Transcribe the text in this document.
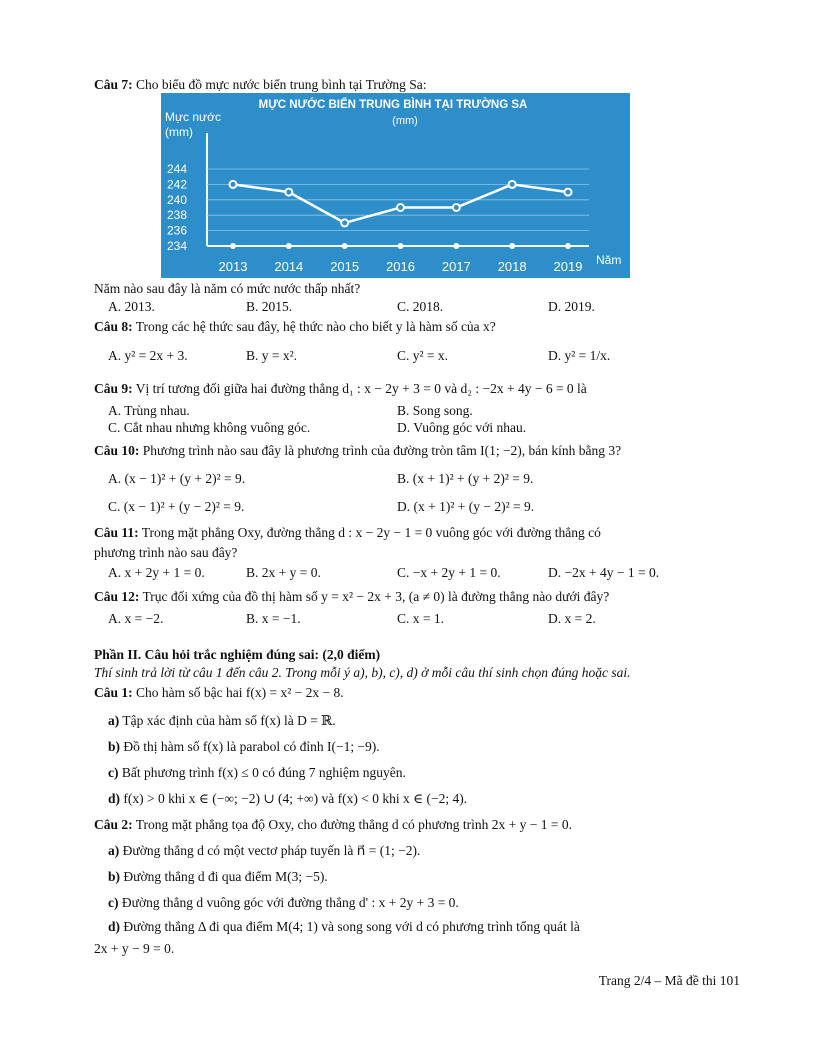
Câu 7: Cho biểu đồ mực nước biển trung bình tại Trường Sa:
MỰC NƯỚC BIỂN TRUNG BÌNH TẠI TRƯỜNG SA
(mm)
Mực nước (mm)
234
236
238
240
242
244
2013 2014 2015 2016 2017 2018 2019 Năm
Năm nào sau đây là năm có mức nước thấp nhất?
A. 2013.	B. 2015.	C. 2018.	D. 2019.
Câu 8: Trong các hệ thức sau đây, hệ thức nào cho biết y là hàm số của x?
A. y² = 2x + 3.	B. y = x².	C. y² = x.	D. y² = 1/x.
Câu 9: Vị trí tương đối giữa hai đường thẳng d₁ : x − 2y + 3 = 0 và d₂ : −2x + 4y − 6 = 0 là
A. Trùng nhau.	B. Song song.
C. Cắt nhau nhưng không vuông góc.	D. Vuông góc với nhau.
Câu 10: Phương trình nào sau đây là phương trình của đường tròn tâm I(1; −2), bán kính bằng 3?
A. (x − 1)² + (y + 2)² = 9.	B. (x + 1)² + (y + 2)² = 9.
C. (x − 1)² + (y − 2)² = 9.	D. (x + 1)² + (y − 2)² = 9.
Câu 11: Trong mặt phẳng Oxy, đường thẳng d : x − 2y − 1 = 0 vuông góc với đường thẳng có
phương trình nào sau đây?
A. x + 2y + 1 = 0.	B. 2x + y = 0.	C. −x + 2y + 1 = 0.	D. −2x + 4y − 1 = 0.
Câu 12: Trục đối xứng của đồ thị hàm số y = x² − 2x + 3, (a ≠ 0) là đường thẳng nào dưới đây?
A. x = −2.	B. x = −1.	C. x = 1.	D. x = 2.
Phần II. Câu hỏi trắc nghiệm đúng sai: (2,0 điểm)
Thí sinh trả lời từ câu 1 đến câu 2. Trong mỗi ý a), b), c), d) ở mỗi câu thí sinh chọn đúng hoặc sai.
Câu 1: Cho hàm số bậc hai f(x) = x² − 2x − 8.
a) Tập xác định của hàm số f(x) là D = ℝ.
b) Đồ thị hàm số f(x) là parabol có đỉnh I(−1; −9).
c) Bất phương trình f(x) ≤ 0 có đúng 7 nghiệm nguyên.
d) f(x) > 0 khi x ∈ (−∞; −2) ∪ (4; +∞) và f(x) < 0 khi x ∈ (−2; 4).
Câu 2: Trong mặt phẳng tọa độ Oxy, cho đường thẳng d có phương trình 2x + y − 1 = 0.
a) Đường thẳng d có một vectơ pháp tuyến là n⃗ = (1; −2).
b) Đường thẳng d đi qua điểm M(3; −5).
c) Đường thẳng d vuông góc với đường thẳng d' : x + 2y + 3 = 0.
d) Đường thẳng Δ đi qua điểm M(4; 1) và song song với d có phương trình tổng quát là
2x + y − 9 = 0.
Trang 2/4 – Mã đề thi 101
